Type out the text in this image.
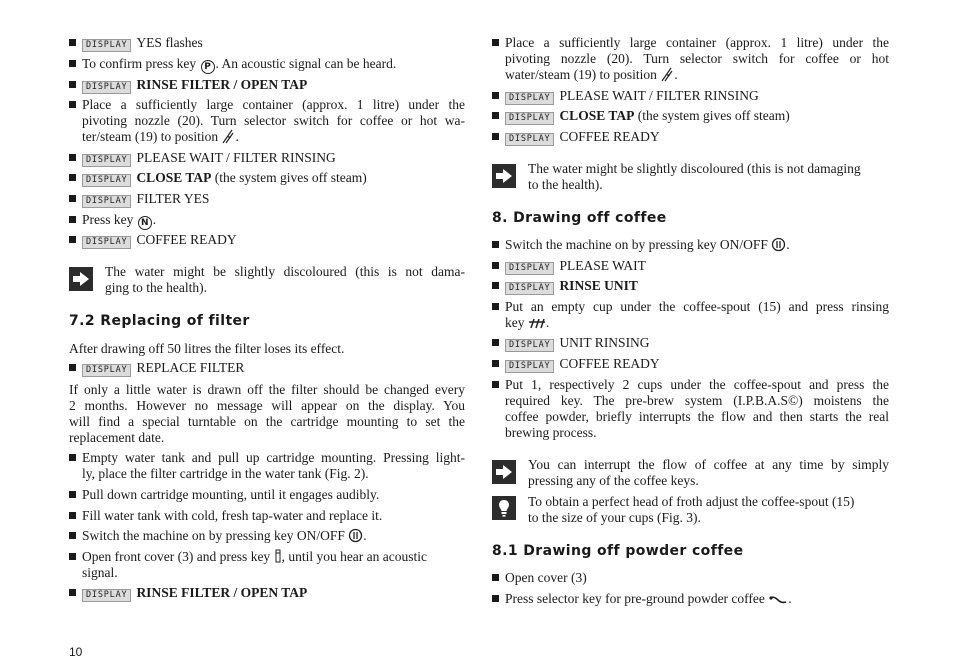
DISPLAY YES flashes
To confirm press key P . An acoustic signal can be heard.
DISPLAY RINSE FILTER / OPEN TAP
Place a sufficiently large container (approx. 1 litre) under the
pivoting nozzle (20). Turn selector switch for coffee or hot wa-
ter/steam (19) to position .
DISPLAY PLEASE WAIT / FILTER RINSING
DISPLAY CLOSE TAP (the system gives off steam)
DISPLAY FILTER YES
Press key N .
DISPLAY COFFEE READY
The water might be slightly discoloured (this is not dama-
ging to the health).
7.2 Replacing of filter
After drawing off 50 litres the filter loses its effect.
DISPLAY REPLACE FILTER
If only a little water is drawn off the filter should be changed every
2 months. However no message will appear on the display. You
will find a special turntable on the cartridge mounting to set the
replacement date.
Empty water tank and pull up cartridge mounting. Pressing light-
ly, place the filter cartridge in the water tank (Fig. 2).
Pull down cartridge mounting, until it engages audibly.
Fill water tank with cold, fresh tap-water and replace it.
Switch the machine on by pressing key ON/OFF .
Open front cover (3) and press key , until you hear an acoustic
signal.
DISPLAY RINSE FILTER / OPEN TAP
Place a sufficiently large container (approx. 1 litre) under the
pivoting nozzle (20). Turn selector switch for coffee or hot
water/steam (19) to position .
DISPLAY PLEASE WAIT / FILTER RINSING
DISPLAY CLOSE TAP (the system gives off steam)
DISPLAY COFFEE READY
The water might be slightly discoloured (this is not damaging
to the health).
8. Drawing off coffee
Switch the machine on by pressing key ON/OFF .
DISPLAY PLEASE WAIT
DISPLAY RINSE UNIT
Put an empty cup under the coffee-spout (15) and press rinsing
key .
DISPLAY UNIT RINSING
DISPLAY COFFEE READY
Put 1, respectively 2 cups under the coffee-spout and press the
required key. The pre-brew system (I.P.B.A.S©) moistens the
coffee powder, briefly interrupts the flow and then starts the real
brewing process.
You can interrupt the flow of coffee at any time by simply
pressing any of the coffee keys.
To obtain a perfect head of froth adjust the coffee-spout (15)
to the size of your cups (Fig. 3).
8.1 Drawing off powder coffee
Open cover (3)
Press selector key for pre-ground powder coffee .
10
